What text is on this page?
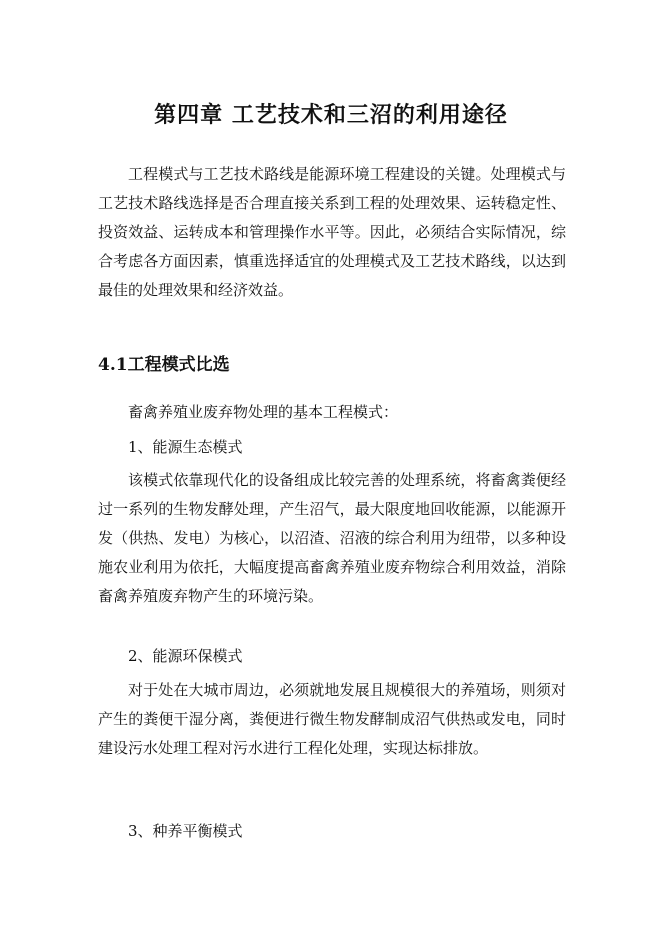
第四章 工艺技术和三沼的利用途径
工程模式与工艺技术路线是能源环境工程建设的关键。处理模式与工艺技术路线选择是否合理直接关系到工程的处理效果、运转稳定性、投资效益、运转成本和管理操作水平等。因此，必须结合实际情况，综合考虑各方面因素，慎重选择适宜的处理模式及工艺技术路线，以达到最佳的处理效果和经济效益。
4.1工程模式比选
畜禽养殖业废弃物处理的基本工程模式：
1、能源生态模式
该模式依靠现代化的设备组成比较完善的处理系统，将畜禽粪便经过一系列的生物发酵处理，产生沼气，最大限度地回收能源，以能源开发（供热、发电）为核心，以沼渣、沼液的综合利用为纽带，以多种设施农业利用为依托，大幅度提高畜禽养殖业废弃物综合利用效益，消除畜禽养殖废弃物产生的环境污染。
2、能源环保模式
对于处在大城市周边，必须就地发展且规模很大的养殖场，则须对产生的粪便干湿分离，粪便进行微生物发酵制成沼气供热或发电，同时建设污水处理工程对污水进行工程化处理，实现达标排放。
3、种养平衡模式
